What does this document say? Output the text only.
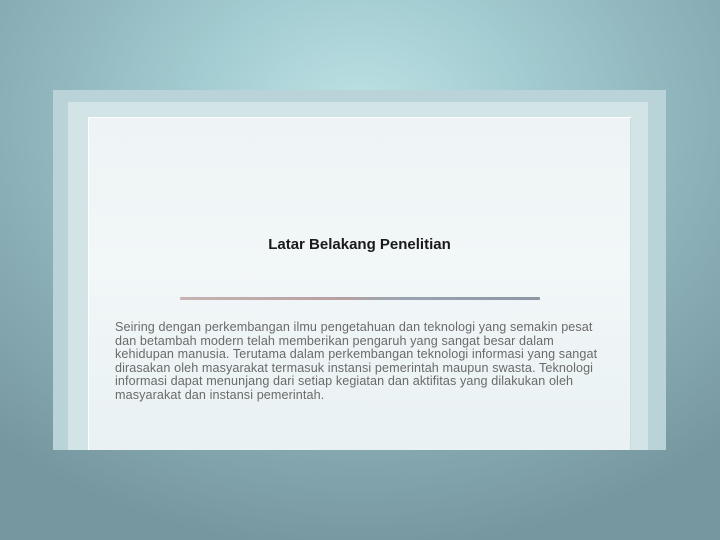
Latar Belakang Penelitian

Seiring dengan perkembangan ilmu pengetahuan dan teknologi yang semakin pesat dan betambah modern telah memberikan pengaruh yang sangat besar dalam kehidupan manusia. Terutama dalam perkembangan teknologi informasi yang sangat dirasakan oleh masyarakat termasuk instansi pemerintah maupun swasta. Teknologi informasi dapat menunjang dari setiap kegiatan dan aktifitas yang dilakukan oleh masyarakat dan instansi pemerintah.
